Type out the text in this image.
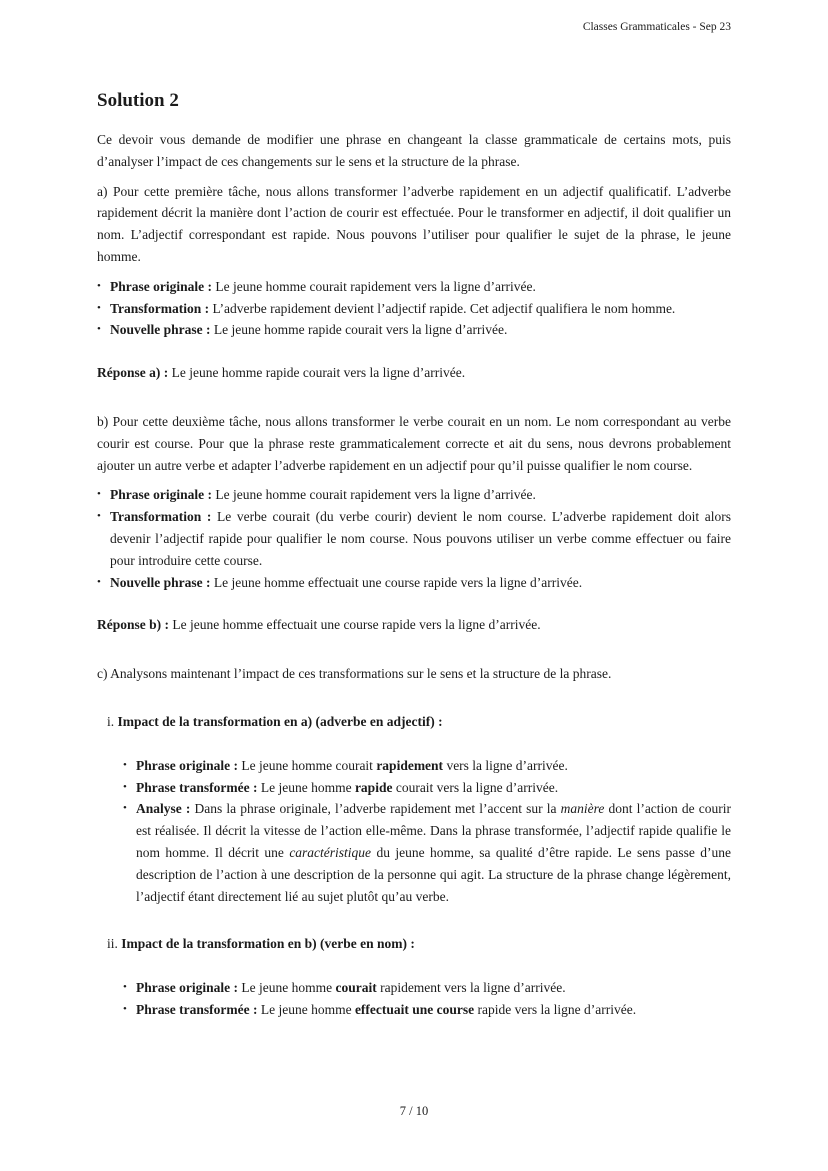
Classes Grammaticales - Sep 23
Solution 2
Ce devoir vous demande de modifier une phrase en changeant la classe grammaticale de certains mots, puis d’analyser l’impact de ces changements sur le sens et la structure de la phrase.
a) Pour cette première tâche, nous allons transformer l’adverbe rapidement en un adjectif qualificatif. L’adverbe rapidement décrit la manière dont l’action de courir est effectuée. Pour le transformer en adjectif, il doit qualifier un nom. L’adjectif correspondant est rapide. Nous pouvons l’utiliser pour qualifier le sujet de la phrase, le jeune homme.
• Phrase originale : Le jeune homme courait rapidement vers la ligne d’arrivée.
• Transformation : L’adverbe rapidement devient l’adjectif rapide. Cet adjectif qualifiera le nom homme.
• Nouvelle phrase : Le jeune homme rapide courait vers la ligne d’arrivée.
Réponse a) : Le jeune homme rapide courait vers la ligne d’arrivée.
b) Pour cette deuxième tâche, nous allons transformer le verbe courait en un nom. Le nom correspondant au verbe courir est course. Pour que la phrase reste grammaticalement correcte et ait du sens, nous devrons probablement ajouter un autre verbe et adapter l’adverbe rapidement en un adjectif pour qu’il puisse qualifier le nom course.
• Phrase originale : Le jeune homme courait rapidement vers la ligne d’arrivée.
• Transformation : Le verbe courait (du verbe courir) devient le nom course. L’adverbe rapidement doit alors devenir l’adjectif rapide pour qualifier le nom course. Nous pouvons utiliser un verbe comme effectuer ou faire pour introduire cette course.
• Nouvelle phrase : Le jeune homme effectuait une course rapide vers la ligne d’arrivée.
Réponse b) : Le jeune homme effectuait une course rapide vers la ligne d’arrivée.
c) Analysons maintenant l’impact de ces transformations sur le sens et la structure de la phrase.
i. Impact de la transformation en a) (adverbe en adjectif) :
• Phrase originale : Le jeune homme courait rapidement vers la ligne d’arrivée.
• Phrase transformée : Le jeune homme rapide courait vers la ligne d’arrivée.
• Analyse : Dans la phrase originale, l’adverbe rapidement met l’accent sur la manière dont l’action de courir est réalisée. Il décrit la vitesse de l’action elle-même. Dans la phrase transformée, l’adjectif rapide qualifie le nom homme. Il décrit une caractéristique du jeune homme, sa qualité d’être rapide. Le sens passe d’une description de l’action à une description de la personne qui agit. La structure de la phrase change légèrement, l’adjectif étant directement lié au sujet plutôt qu’au verbe.
ii. Impact de la transformation en b) (verbe en nom) :
• Phrase originale : Le jeune homme courait rapidement vers la ligne d’arrivée.
• Phrase transformée : Le jeune homme effectuait une course rapide vers la ligne d’arrivée.
7 / 10
